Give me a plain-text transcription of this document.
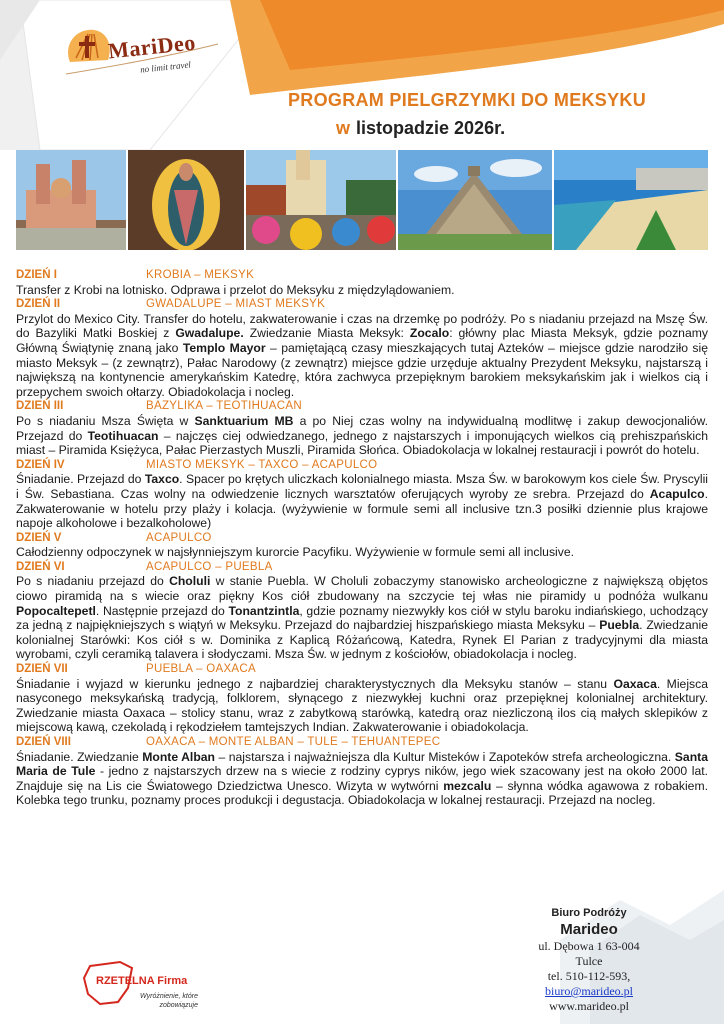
MariDeo
no limit travel
PROGRAM PIELGRZYMKI DO MEKSYKU
w listopadzie 2026r.
DZIEŃ I	KROBIA – MEKSYK

Transfer z Krobi na lotnisko. Odprawa i przelot do Meksyku z międzylądowaniem.

DZIEŃ II	GWADALUPE – MIAST MEKSYK

Przylot do Mexico City. Transfer do hotelu, zakwaterowanie i czas na drzemkę po podróży. Po s niadaniu przejazd na Mszę Św. do Bazyliki Matki Boskiej z Gwadalupe. Zwiedzanie Miasta Meksyk: Zocalo: główny plac Miasta Meksyk, gdzie poznamy Główną Świątynię znaną jako Templo Mayor – pamiętającą czasy mieszkających tutaj Azteków – miejsce gdzie narodziło się miasto Meksyk – (z zewnątrz), Pałac Narodowy (z zewnątrz) miejsce gdzie urzęduje aktualny Prezydent Meksyku, najstarszą i największą na kontynencie amerykańskim Katedrę, która zachwyca przepięknym barokiem meksykańskim jak i wielkos cią i przepychem swoich ołtarzy. Obiadokolacja i nocleg.

DZIEŃ III	BAZYLIKA – TEOTIHUACAN

Po s niadaniu Msza Święta w Sanktuarium MB a po Niej czas wolny na indywidualną modlitwę i zakup dewocjonaliów. Przejazd do Teotihuacan – najczęs ciej odwiedzanego, jednego z najstarszych i imponujących wielkos cią prehiszpańskich miast – Piramida Księżyca, Pałac Pierzastych Muszli, Piramida Słońca. Obiadokolacja w lokalnej restauracji i powrót do hotelu.

DZIEŃ IV	MIASTO MEKSYK – TAXCO – ACAPULCO

Śniadanie. Przejazd do Taxco. Spacer po krętych uliczkach kolonialnego miasta. Msza Św. w barokowym kos ciele Św. Pryscylii i Św. Sebastiana. Czas wolny na odwiedzenie licznych warsztatów oferujących wyroby ze srebra. Przejazd do Acapulco. Zakwaterowanie w hotelu przy plaży i kolacja. (wyżywienie w formule semi all inclusive tzn.3 posiłki dziennie plus krajowe napoje alkoholowe i bezalkoholowe)

DZIEŃ V	ACAPULCO

Całodzienny odpoczynek w najsłynniejszym kurorcie Pacyfiku. Wyżywienie w formule semi all inclusive.

DZIEŃ VI	ACAPULCO – PUEBLA

Po s niadaniu przejazd do Choluli w stanie Puebla. W Choluli zobaczymy stanowisko archeologiczne z największą objętos ciowo piramidą na s wiecie oraz piękny Kos ciół zbudowany na szczycie tej włas nie piramidy u podnóża wulkanu Popocaltepetl. Następnie przejazd do Tonantzintla, gdzie poznamy niezwykły kos ciół w stylu baroku indiańskiego, uchodzący za jedną z najpiękniejszych s wiątyń w Meksyku. Przejazd do najbardziej hiszpańskiego miasta Meksyku – Puebla. Zwiedzanie kolonialnej Starówki: Kos ciół s w. Dominika z Kaplicą Różańcową, Katedra, Rynek El Parian z tradycyjnymi dla miasta wyrobami, czyli ceramiką talavera i słodyczami. Msza Św. w jednym z kościołów, obiadokolacja i nocleg.

DZIEŃ VII	PUEBLA – OAXACA

Śniadanie i wyjazd w kierunku jednego z najbardziej charakterystycznych dla Meksyku stanów – stanu Oaxaca. Miejsca nasyconego meksykańską tradycją, folklorem, słynącego z niezwykłej kuchni oraz przepięknej kolonialnej architektury. Zwiedzanie miasta Oaxaca – stolicy stanu, wraz z zabytkową starówką, katedrą oraz niezliczoną ilos cią małych sklepików z miejscową kawą, czekoladą i rękodziełem tamtejszych Indian. Zakwaterowanie i obiadokolacja.

DZIEŃ VIII	OAXACA – MONTE ALBAN – TULE – TEHUANTEPEC

Śniadanie. Zwiedzanie Monte Alban – najstarsza i najważniejsza dla Kultur Misteków i Zapoteków strefa archeologiczna. Santa Maria de Tule - jedno z najstarszych drzew na s wiecie z rodziny cyprys ników, jego wiek szacowany jest na około 2000 lat. Znajduje się na Lis cie Światowego Dziedzictwa Unesco. Wizyta w wytwórni mezcalu – słynna wódka agawowa z robakiem. Kolebka tego trunku, poznamy proces produkcji i degustacja. Obiadokolacja w lokalnej restauracji. Przejazd na nocleg.

RZETELNA Firma
Wyróżnienie, które
zobowiązuje
Biuro Podróży
Marideo
ul. Dębowa 1 63-004
Tulce
tel. 510-112-593,
biuro@marideo.pl
www.marideo.pl
